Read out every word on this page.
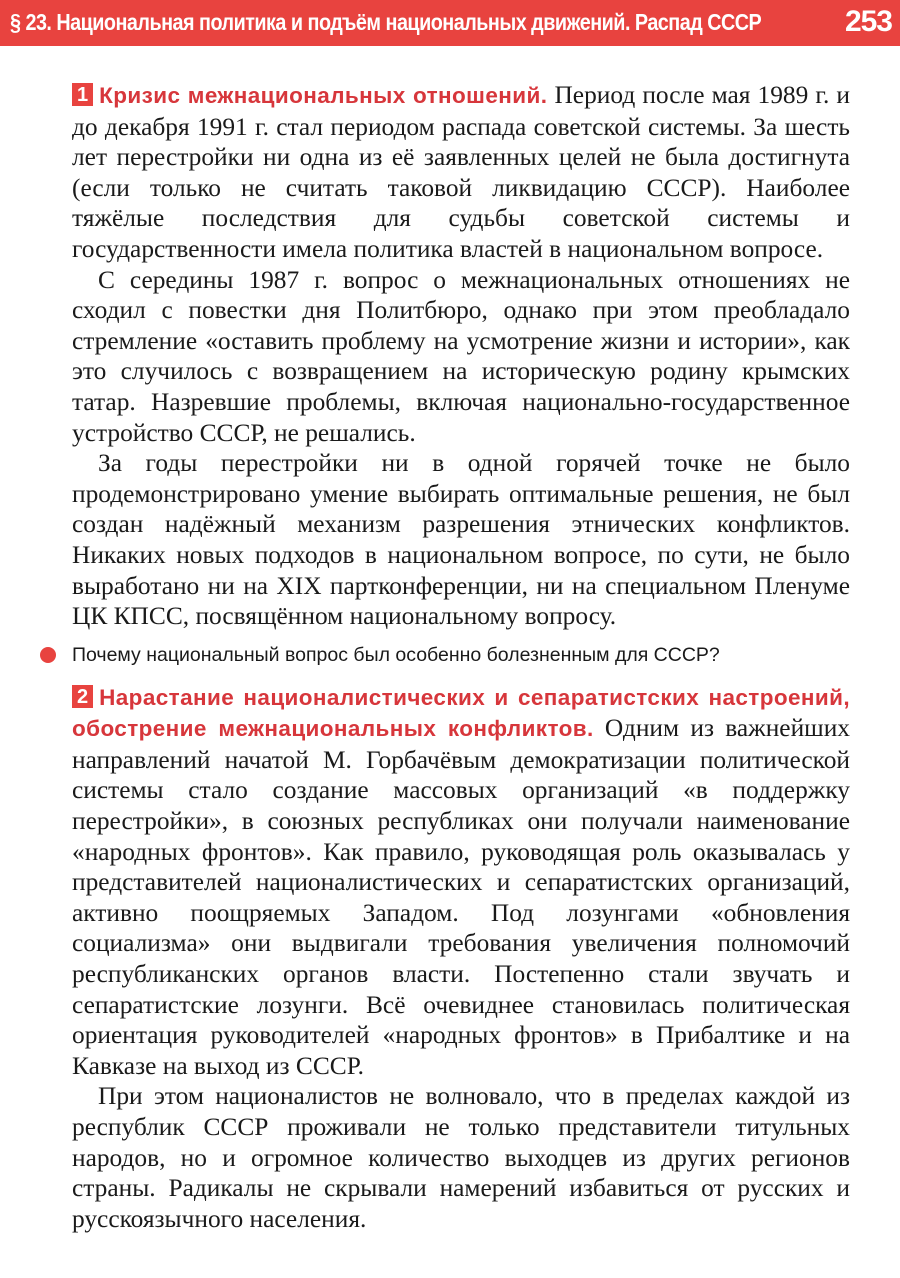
§ 23. Национальная политика и подъём национальных движений. Распад СССР	253

1 Кризис межнациональных отношений. Период после мая 1989 г. и до декабря 1991 г. стал периодом распада советской системы. За шесть лет перестройки ни одна из её заявленных целей не была достигнута (если только не считать таковой ликвидацию СССР). Наиболее тяжёлые последствия для судьбы советской системы и государственности имела политика властей в национальном вопросе.

С середины 1987 г. вопрос о межнациональных отношениях не сходил с повестки дня Политбюро, однако при этом преобладало стремление «оставить проблему на усмотрение жизни и истории», как это случилось с возвращением на историческую родину крымских татар. Назревшие проблемы, включая национально-государственное устройство СССР, не решались.

За годы перестройки ни в одной горячей точке не было продемонстрировано умение выбирать оптимальные решения, не был создан надёжный механизм разрешения этнических конфликтов. Никаких новых подходов в национальном вопросе, по сути, не было выработано ни на XIX партконференции, ни на специальном Пленуме ЦК КПСС, посвящённом национальному вопросу.

Почему национальный вопрос был особенно болезненным для СССР?

2 Нарастание националистических и сепаратистских настроений, обострение межнациональных конфликтов. Одним из важнейших направлений начатой М. Горбачёвым демократизации политической системы стало создание массовых организаций «в поддержку перестройки», в союзных республиках они получали наименование «народных фронтов». Как правило, руководящая роль оказывалась у представителей националистических и сепаратистских организаций, активно поощряемых Западом. Под лозунгами «обновления социализма» они выдвигали требования увеличения полномочий республиканских органов власти. Постепенно стали звучать и сепаратистские лозунги. Всё очевиднее становилась политическая ориентация руководителей «народных фронтов» в Прибалтике и на Кавказе на выход из СССР.

При этом националистов не волновало, что в пределах каждой из республик СССР проживали не только представители титульных народов, но и огромное количество выходцев из других регионов страны. Радикалы не скрывали намерений избавиться от русских и русскоязычного населения.
